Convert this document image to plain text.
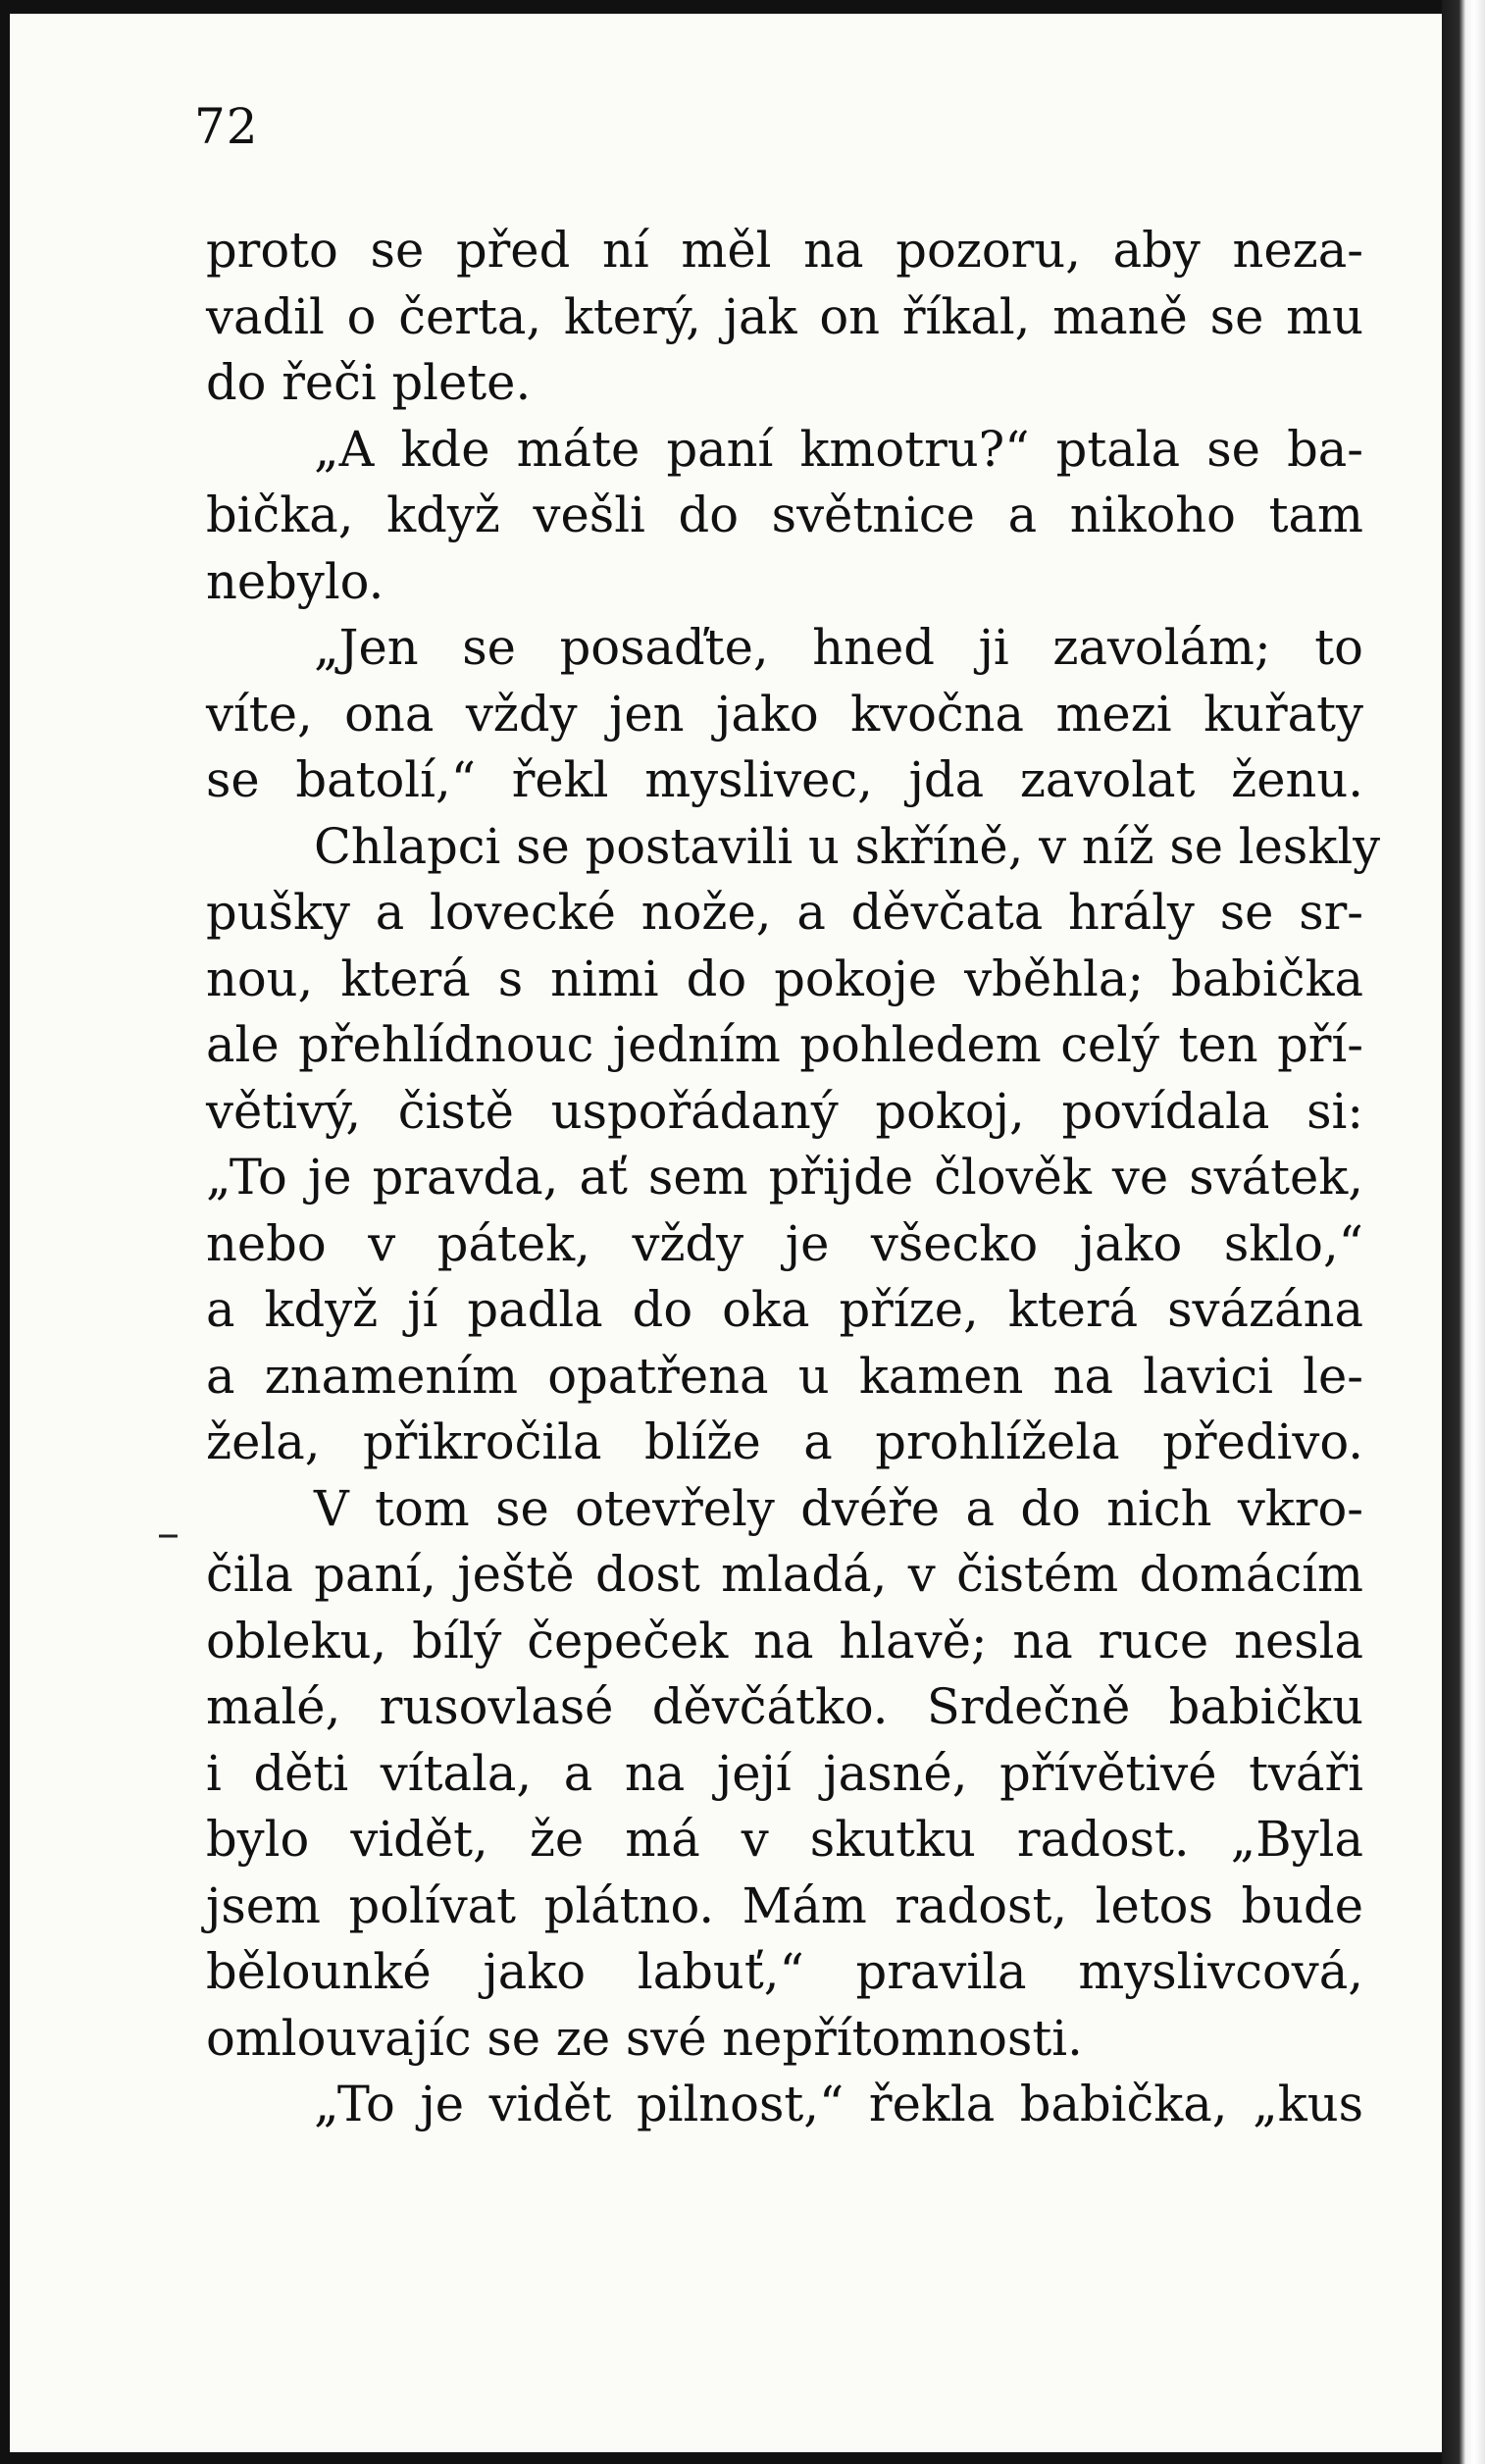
72
–
proto se před ní měl na pozoru, aby neza-
vadil o čerta, který, jak on říkal, maně se mu
do řeči plete.
„A kde máte paní kmotru?“ ptala se ba-
bička, když vešli do světnice a nikoho tam
nebylo.
„Jen se posaďte, hned ji zavolám; to
víte, ona vždy jen jako kvočna mezi kuřaty
se batolí,“ řekl myslivec, jda zavolat ženu.
Chlapci se postavili u skříně, v níž se leskly
pušky a lovecké nože, a děvčata hrály se sr-
nou, která s nimi do pokoje vběhla; babička
ale přehlídnouc jedním pohledem celý ten pří-
větivý, čistě uspořádaný pokoj, povídala si:
„To je pravda, ať sem přijde člověk ve svátek,
nebo v pátek, vždy je všecko jako sklo,“
a když jí padla do oka příze, která svázána
a znamením opatřena u kamen na lavici le-
žela, přikročila blíže a prohlížela předivo.
V tom se otevřely dvéře a do nich vkro-
čila paní, ještě dost mladá, v čistém domácím
obleku, bílý čepeček na hlavě; na ruce nesla
malé, rusovlasé děvčátko. Srdečně babičku
i děti vítala, a na její jasné, přívětivé tváři
bylo vidět, že má v skutku radost. „Byla
jsem polívat plátno. Mám radost, letos bude
bělounké jako labuť,“ pravila myslivcová,
omlouvajíc se ze své nepřítomnosti.
„To je vidět pilnost,“ řekla babička, „kus
